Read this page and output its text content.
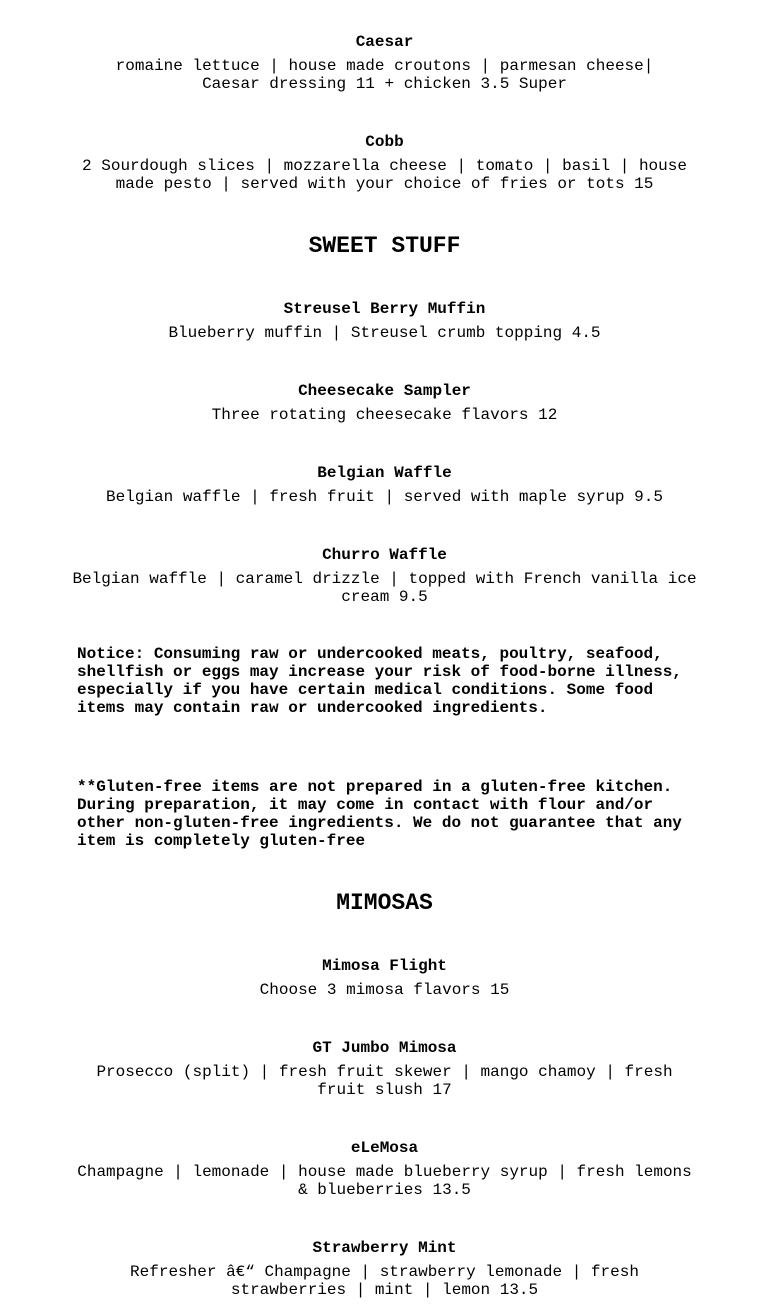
Caesar

romaine lettuce | house made croutons | parmesan cheese| Caesar dressing 11 + chicken 3.5 Super

Cobb

2 Sourdough slices | mozzarella cheese | tomato | basil | house made pesto | served with your choice of fries or tots 15

SWEET STUFF

Streusel Berry Muffin

Blueberry muffin | Streusel crumb topping 4.5

Cheesecake Sampler

Three rotating cheesecake flavors 12

Belgian Waffle

Belgian waffle | fresh fruit | served with maple syrup 9.5

Churro Waffle

Belgian waffle | caramel drizzle | topped with French vanilla ice cream 9.5

Notice: Consuming raw or undercooked meats, poultry, seafood, shellfish or eggs may increase your risk of food-borne illness, especially if you have certain medical conditions. Some food items may contain raw or undercooked ingredients.

**Gluten-free items are not prepared in a gluten-free kitchen. During preparation, it may come in contact with flour and/or other non-gluten-free ingredients. We do not guarantee that any item is completely gluten-free

MIMOSAS

Mimosa Flight

Choose 3 mimosa flavors 15

GT Jumbo Mimosa

Prosecco (split) | fresh fruit skewer | mango chamoy | fresh fruit slush 17

eLeMosa

Champagne | lemonade | house made blueberry syrup | fresh lemons & blueberries 13.5

Strawberry Mint

Refresher â€“ Champagne | strawberry lemonade | fresh strawberries | mint | lemon 13.5
